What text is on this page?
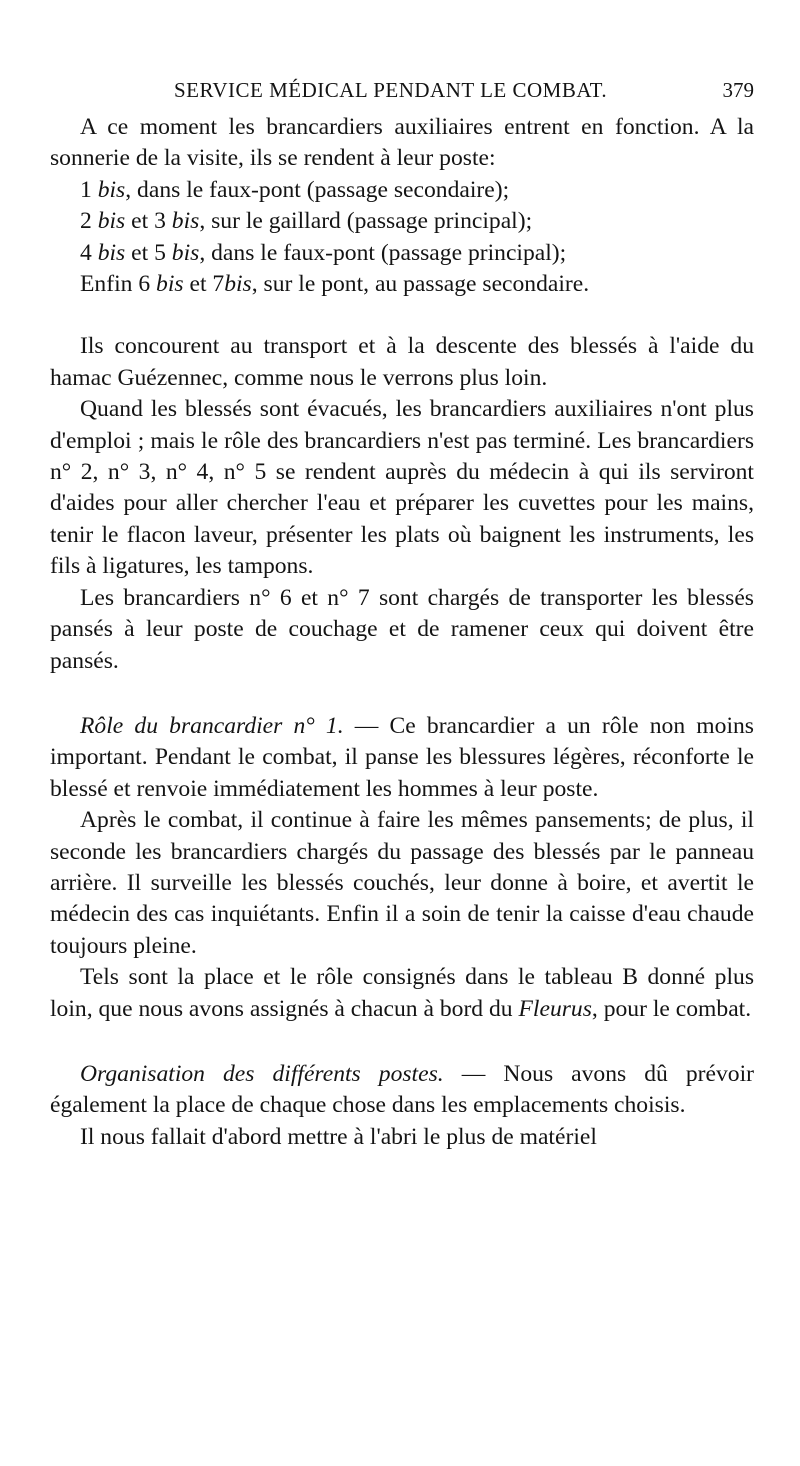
SERVICE MÉDICAL PENDANT LE COMBAT.	379

A ce moment les brancardiers auxiliaires entrent en fonction. A la sonnerie de la visite, ils se rendent à leur poste:

1 bis, dans le faux-pont (passage secondaire);

2 bis et 3 bis, sur le gaillard (passage principal);

4 bis et 5 bis, dans le faux-pont (passage principal);

Enfin 6 bis et 7bis, sur le pont, au passage secondaire.

Ils concourent au transport et à la descente des blessés à l'aide du hamac Guézennec, comme nous le verrons plus loin.

Quand les blessés sont évacués, les brancardiers auxiliaires n'ont plus d'emploi ; mais le rôle des brancardiers n'est pas terminé. Les brancardiers n° 2, n° 3, n° 4, n° 5 se rendent auprès du médecin à qui ils serviront d'aides pour aller chercher l'eau et préparer les cuvettes pour les mains, tenir le flacon laveur, présenter les plats où baignent les instruments, les fils à ligatures, les tampons.

Les brancardiers n° 6 et n° 7 sont chargés de transporter les blessés pansés à leur poste de couchage et de ramener ceux qui doivent être pansés.

Rôle du brancardier n° 1. — Ce brancardier a un rôle non moins important. Pendant le combat, il panse les blessures légères, réconforte le blessé et renvoie immédiatement les hommes à leur poste.

Après le combat, il continue à faire les mêmes pansements; de plus, il seconde les brancardiers chargés du passage des blessés par le panneau arrière. Il surveille les blessés couchés, leur donne à boire, et avertit le médecin des cas inquiétants. Enfin il a soin de tenir la caisse d'eau chaude toujours pleine.

Tels sont la place et le rôle consignés dans le tableau B donné plus loin, que nous avons assignés à chacun à bord du Fleurus, pour le combat.

Organisation des différents postes. — Nous avons dû prévoir également la place de chaque chose dans les emplacements choisis.

Il nous fallait d'abord mettre à l'abri le plus de matériel
